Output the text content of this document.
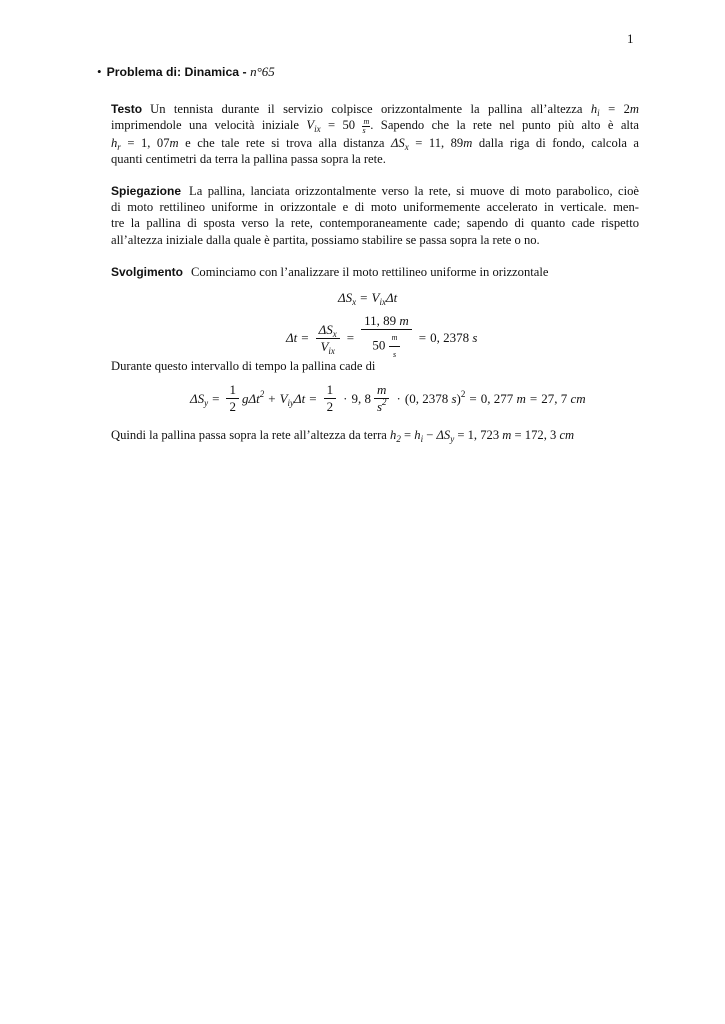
1
• Problema di: Dinamica - n°65
Testo Un tennista durante il servizio colpisce orizzontalmente la pallina all’altezza $h_i = 2m$
imprimendole una velocità iniziale $V_{ix} = 50 \frac{m}{s}$ . Sapendo che la rete nel punto più alto è alta
$h_r = 1$, 07m e che tale rete si trova alla distanza $\Delta S_x = 11$, 89m dalla riga di fondo, calcola a
quanti centimetri da terra la pallina passa sopra la rete.
Spiegazione La pallina, lanciata orizzontalmente verso la rete, si muove di moto parabolico, cioè
di moto rettilineo uniforme in orizzontale e di moto uniformemente accelerato in verticale. men-
tre la pallina di sposta verso la rete, contemporaneamente cade; sapendo di quanto cade rispetto
all’altezza iniziale dalla quale è partita, possiamo stabilire se passa sopra la rete o no.
Svolgimento Cominciamo con l’analizzare il moto rettilineo uniforme in orizzontale
$\Delta S_x = V_{ix}\Delta t$
$\Delta t = \frac{\Delta S_x}{V_{ix}} = \frac{11, 89 m}{50 \frac{m}{s}} = 0$, 2378
s
Durante questo intervallo di tempo la pallina cade di
$\Delta S_y = \frac{1}{2} g\Delta t^2 + V_{iy}\Delta t = \frac{1}{2} \cdot 9$, $8 \frac{m}{s^2} \cdot (0$, 2378 s)$^2$ = 0, 277
m = 27, 7
cm
Quindi la pallina passa sopra la rete all’altezza da terra $h_2 = h_i - \Delta S_y = 1$, 723 m = 172, 3 cm
